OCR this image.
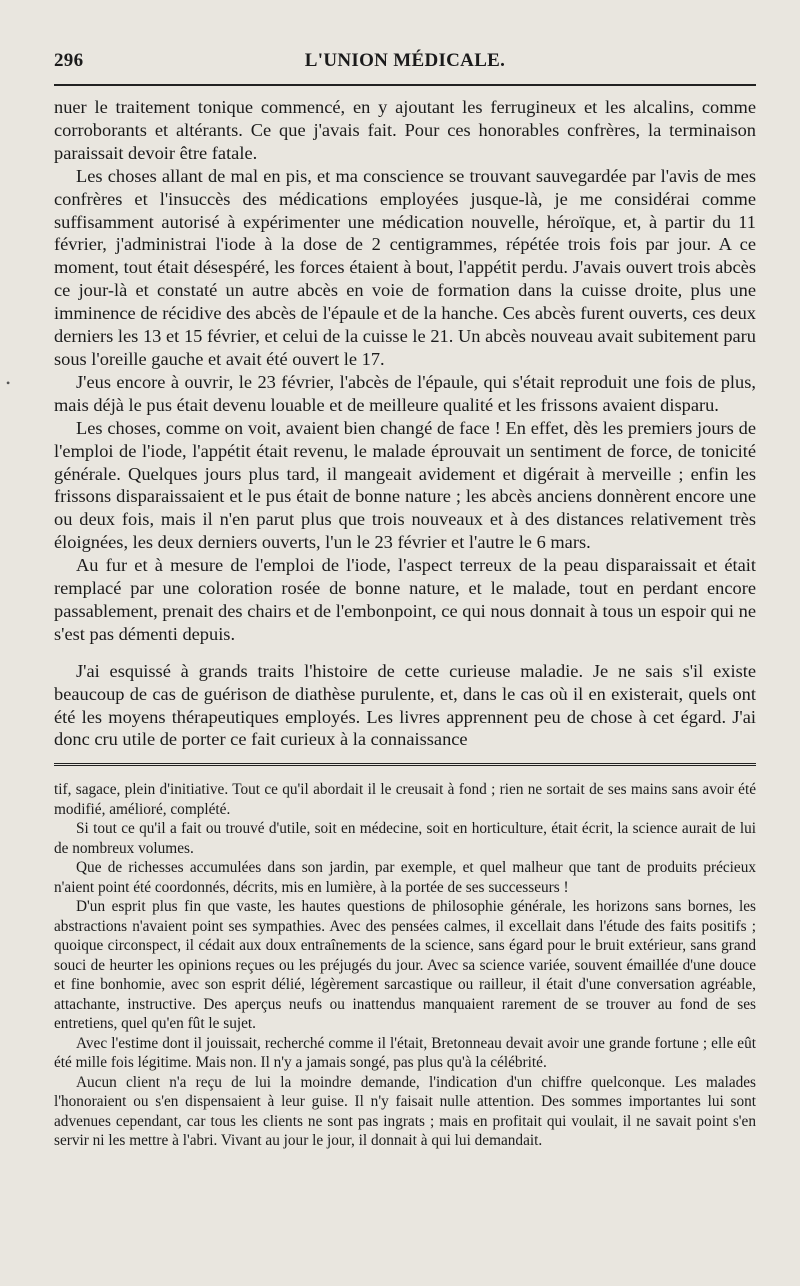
•
296	L'UNION MÉDICALE.

nuer le traitement tonique commencé, en y ajoutant les ferrugineux et les alcalins, comme corroborants et altérants. Ce que j'avais fait. Pour ces honorables confrères, la terminaison paraissait devoir être fatale.

Les choses allant de mal en pis, et ma conscience se trouvant sauvegardée par l'avis de mes confrères et l'insuccès des médications employées jusque-là, je me considérai comme suffisamment autorisé à expérimenter une médication nouvelle, héroïque, et, à partir du 11 février, j'administrai l'iode à la dose de 2 centigrammes, répétée trois fois par jour. A ce moment, tout était désespéré, les forces étaient à bout, l'appétit perdu. J'avais ouvert trois abcès ce jour-là et constaté un autre abcès en voie de formation dans la cuisse droite, plus une imminence de récidive des abcès de l'épaule et de la hanche. Ces abcès furent ouverts, ces deux derniers les 13 et 15 février, et celui de la cuisse le 21. Un abcès nouveau avait subitement paru sous l'oreille gauche et avait été ouvert le 17.

J'eus encore à ouvrir, le 23 février, l'abcès de l'épaule, qui s'était reproduit une fois de plus, mais déjà le pus était devenu louable et de meilleure qualité et les frissons avaient disparu.

Les choses, comme on voit, avaient bien changé de face ! En effet, dès les premiers jours de l'emploi de l'iode, l'appétit était revenu, le malade éprouvait un sentiment de force, de tonicité générale. Quelques jours plus tard, il mangeait avidement et digérait à merveille ; enfin les frissons disparaissaient et le pus était de bonne nature ; les abcès anciens donnèrent encore une ou deux fois, mais il n'en parut plus que trois nouveaux et à des distances relativement très éloignées, les deux derniers ouverts, l'un le 23 février et l'autre le 6 mars.

Au fur et à mesure de l'emploi de l'iode, l'aspect terreux de la peau disparaissait et était remplacé par une coloration rosée de bonne nature, et le malade, tout en perdant encore passablement, prenait des chairs et de l'embonpoint, ce qui nous donnait à tous un espoir qui ne s'est pas démenti depuis.

J'ai esquissé à grands traits l'histoire de cette curieuse maladie. Je ne sais s'il existe beaucoup de cas de guérison de diathèse purulente, et, dans le cas où il en existerait, quels ont été les moyens thérapeutiques employés. Les livres apprennent peu de chose à cet égard. J'ai donc cru utile de porter ce fait curieux à la connaissance

tif, sagace, plein d'initiative. Tout ce qu'il abordait il le creusait à fond ; rien ne sortait de ses mains sans avoir été modifié, amélioré, complété.

Si tout ce qu'il a fait ou trouvé d'utile, soit en médecine, soit en horticulture, était écrit, la science aurait de lui de nombreux volumes.

Que de richesses accumulées dans son jardin, par exemple, et quel malheur que tant de produits précieux n'aient point été coordonnés, décrits, mis en lumière, à la portée de ses successeurs !

D'un esprit plus fin que vaste, les hautes questions de philosophie générale, les horizons sans bornes, les abstractions n'avaient point ses sympathies. Avec des pensées calmes, il excellait dans l'étude des faits positifs ; quoique circonspect, il cédait aux doux entraînements de la science, sans égard pour le bruit extérieur, sans grand souci de heurter les opinions reçues ou les préjugés du jour. Avec sa science variée, souvent émaillée d'une douce et fine bonhomie, avec son esprit délié, légèrement sarcastique ou railleur, il était d'une conversation agréable, attachante, instructive. Des aperçus neufs ou inattendus manquaient rarement de se trouver au fond de ses entretiens, quel qu'en fût le sujet.

Avec l'estime dont il jouissait, recherché comme il l'était, Bretonneau devait avoir une grande fortune ; elle eût été mille fois légitime. Mais non. Il n'y a jamais songé, pas plus qu'à la célébrité.

Aucun client n'a reçu de lui la moindre demande, l'indication d'un chiffre quelconque. Les malades l'honoraient ou s'en dispensaient à leur guise. Il n'y faisait nulle attention. Des sommes importantes lui sont advenues cependant, car tous les clients ne sont pas ingrats ; mais en profitait qui voulait, il ne savait point s'en servir ni les mettre à l'abri. Vivant au jour le jour, il donnait à qui lui demandait.
